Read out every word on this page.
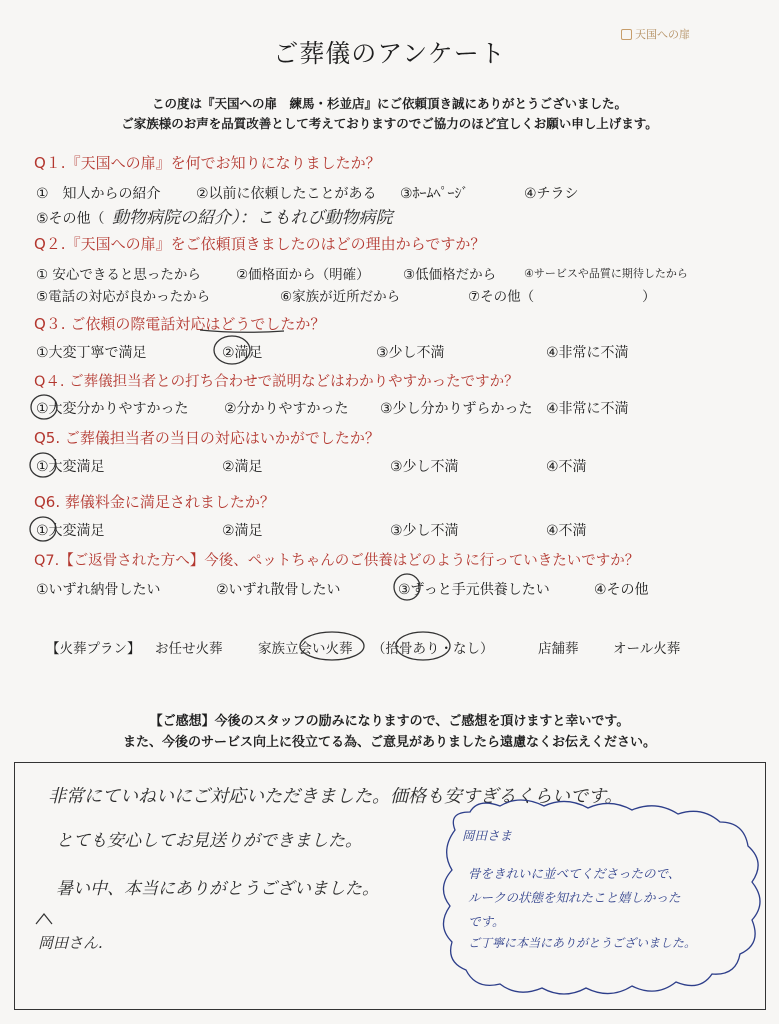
ご葬儀のアンケート
天国への扉
この度は『天国への扉　練馬・杉並店』にご依頼頂き誠にありがとうございました。
ご家族様のお声を品質改善として考えておりますのでご協力のほど宜しくお願い申し上げます。
Q１.『天国への扉』を何でお知りになりましたか？
①　知人からの紹介	②以前に依頼したことがある ③ﾎｰﾑﾍﾟｰｼﾞ	④チラシ
⑤その他（ 動物病院の紹介）：こもれび動物病院
Q２.『天国への扉』をご依頼頂きましたのはどの理由からですか？
① 安心できると思ったから	②価格面から（明確） ③低価格だから	④サービスや品質に期待したから
⑤電話の対応が良かったから	⑥家族が近所だから	⑦その他（　　　　　　　　）
Q３. ご依頼の際電話対応はどうでしたか？
①大変丁寧で満足	②満足	③少し不満	④非常に不満
Q４. ご葬儀担当者との打ち合わせで説明などはわかりやすかったですか？
①大変分かりやすかった	②分かりやすかった ③少し分かりずらかった ④非常に不満
Q5. ご葬儀担当者の当日の対応はいかがでしたか？
①大変満足	②満足	③少し不満	④不満
Q6. 葬儀料金に満足されましたか？
①大変満足	②満足	③少し不満	④不満
Q7.【ご返骨された方へ】今後、ペットちゃんのご供養はどのように行っていきたいですか？
①いずれ納骨したい	②いずれ散骨したい	③ずっと手元供養したい	④その他
【火葬プラン】 お任せ火葬	家族立会い火葬 （拾骨あり・なし）	店舗葬	オール火葬
【ご感想】今後のスタッフの励みになりますので、ご感想を頂けますと幸いです。
また、今後のサービス向上に役立てる為、ご意見がありましたら遠慮なくお伝えください。
非常にていねいにご対応いただきました。価格も安すぎるくらいです。
とても安心してお見送りができました。
暑い中、本当にありがとうございました。
岡田さん.
岡田さま
骨をきれいに並べてくださったので、
ルークの状態を知れたこと嬉しかった
です。
ご丁寧に本当にありがとうございました。
